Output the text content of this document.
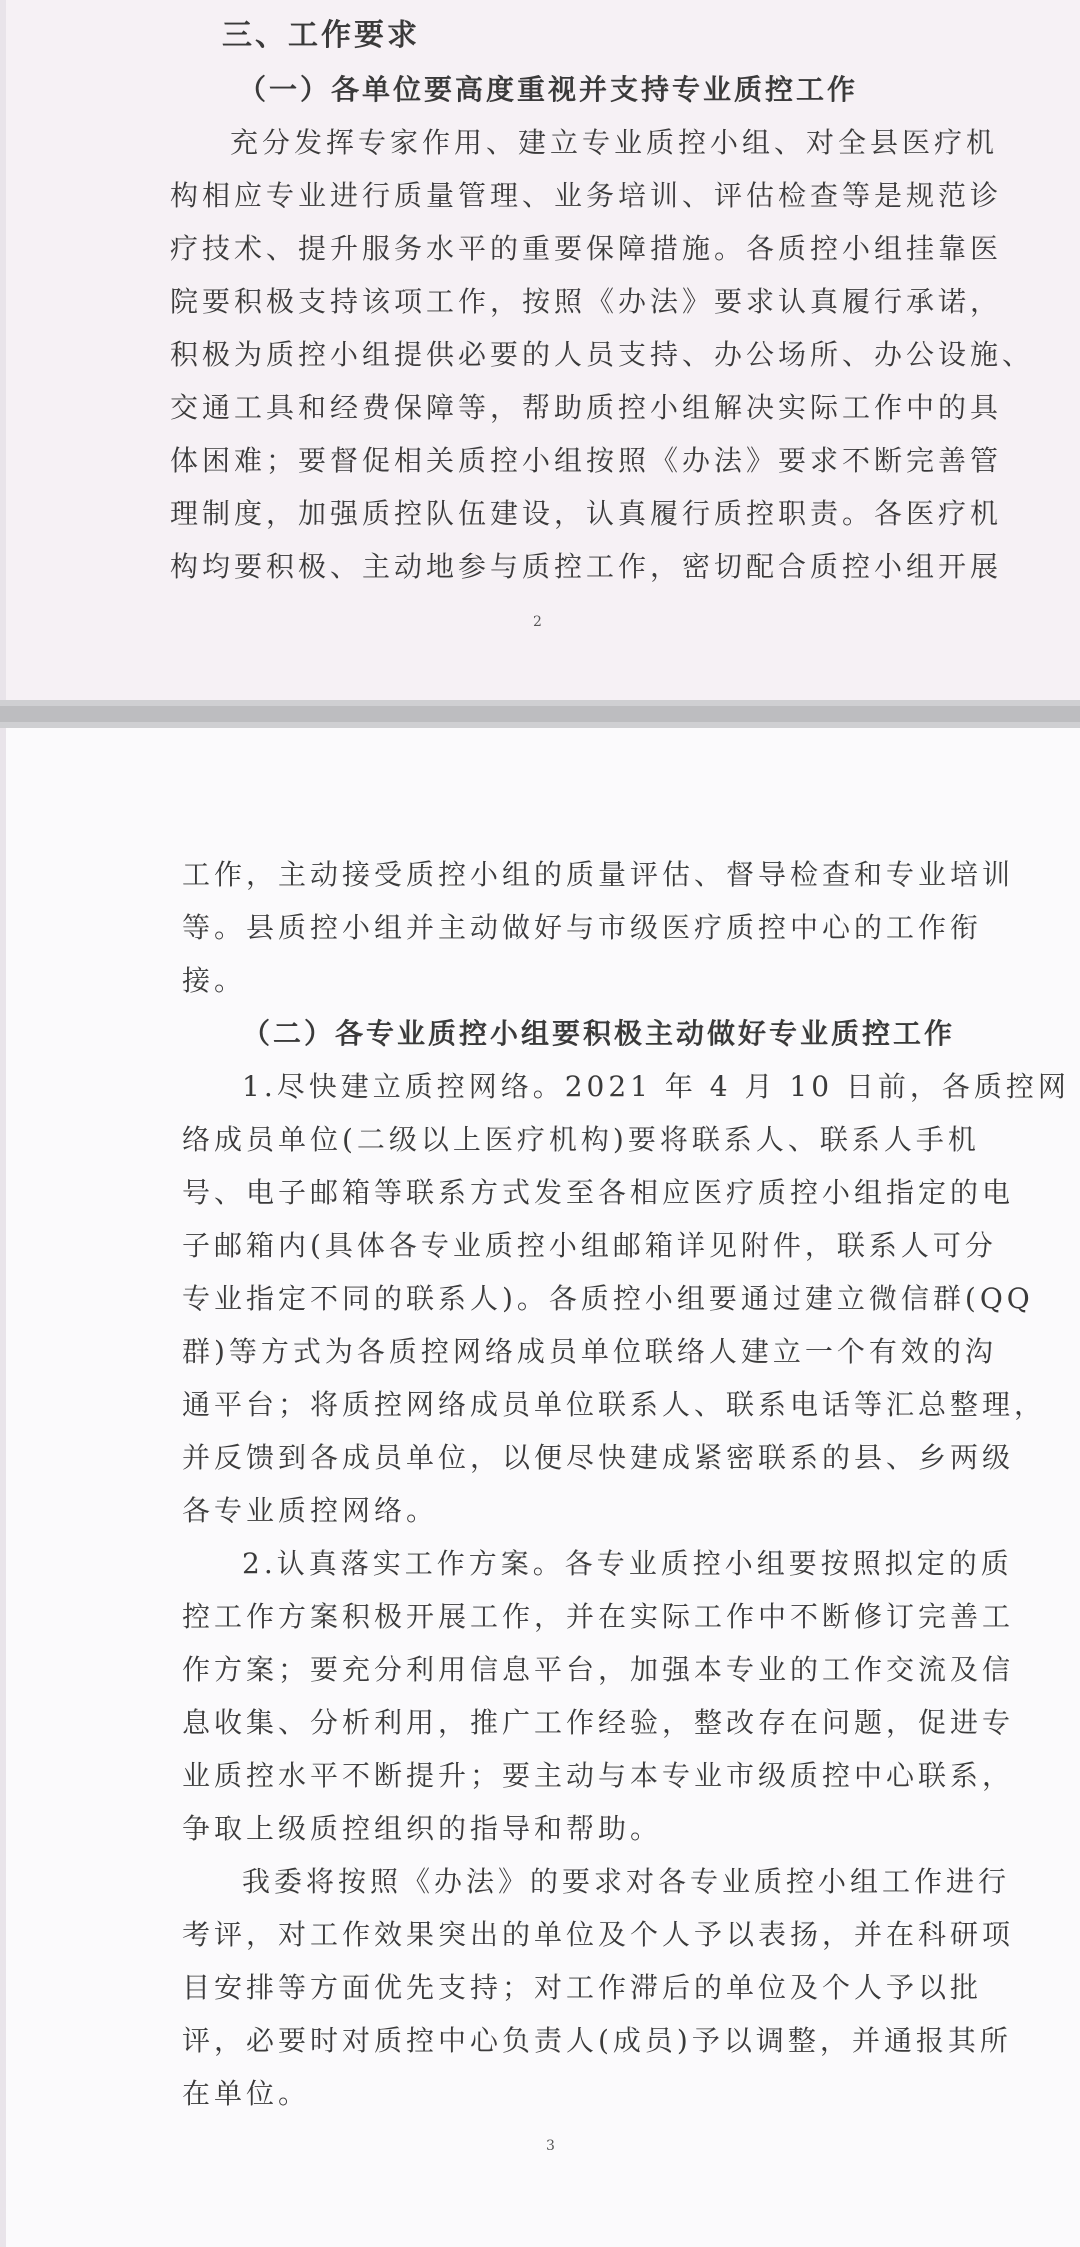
三、工作要求
（一）各单位要高度重视并支持专业质控工作
充分发挥专家作用、建立专业质控小组、对全县医疗机
构相应专业进行质量管理、业务培训、评估检查等是规范诊
疗技术、提升服务水平的重要保障措施。各质控小组挂靠医
院要积极支持该项工作，按照《办法》要求认真履行承诺，
积极为质控小组提供必要的人员支持、办公场所、办公设施、
交通工具和经费保障等，帮助质控小组解决实际工作中的具
体困难；要督促相关质控小组按照《办法》要求不断完善管
理制度，加强质控队伍建设，认真履行质控职责。各医疗机
构均要积极、主动地参与质控工作，密切配合质控小组开展
2
工作，主动接受质控小组的质量评估、督导检查和专业培训
等。县质控小组并主动做好与市级医疗质控中心的工作衔
接。
（二）各专业质控小组要积极主动做好专业质控工作
1.尽快建立质控网络。2021 年 4 月 10 日前，各质控网
络成员单位(二级以上医疗机构)要将联系人、联系人手机
号、电子邮箱等联系方式发至各相应医疗质控小组指定的电
子邮箱内(具体各专业质控小组邮箱详见附件，联系人可分
专业指定不同的联系人)。各质控小组要通过建立微信群(QQ
群)等方式为各质控网络成员单位联络人建立一个有效的沟
通平台；将质控网络成员单位联系人、联系电话等汇总整理，
并反馈到各成员单位，以便尽快建成紧密联系的县、乡两级
各专业质控网络。
2.认真落实工作方案。各专业质控小组要按照拟定的质
控工作方案积极开展工作，并在实际工作中不断修订完善工
作方案；要充分利用信息平台，加强本专业的工作交流及信
息收集、分析利用，推广工作经验，整改存在问题，促进专
业质控水平不断提升；要主动与本专业市级质控中心联系，
争取上级质控组织的指导和帮助。
我委将按照《办法》的要求对各专业质控小组工作进行
考评，对工作效果突出的单位及个人予以表扬，并在科研项
目安排等方面优先支持；对工作滞后的单位及个人予以批
评，必要时对质控中心负责人(成员)予以调整，并通报其所
在单位。
3
